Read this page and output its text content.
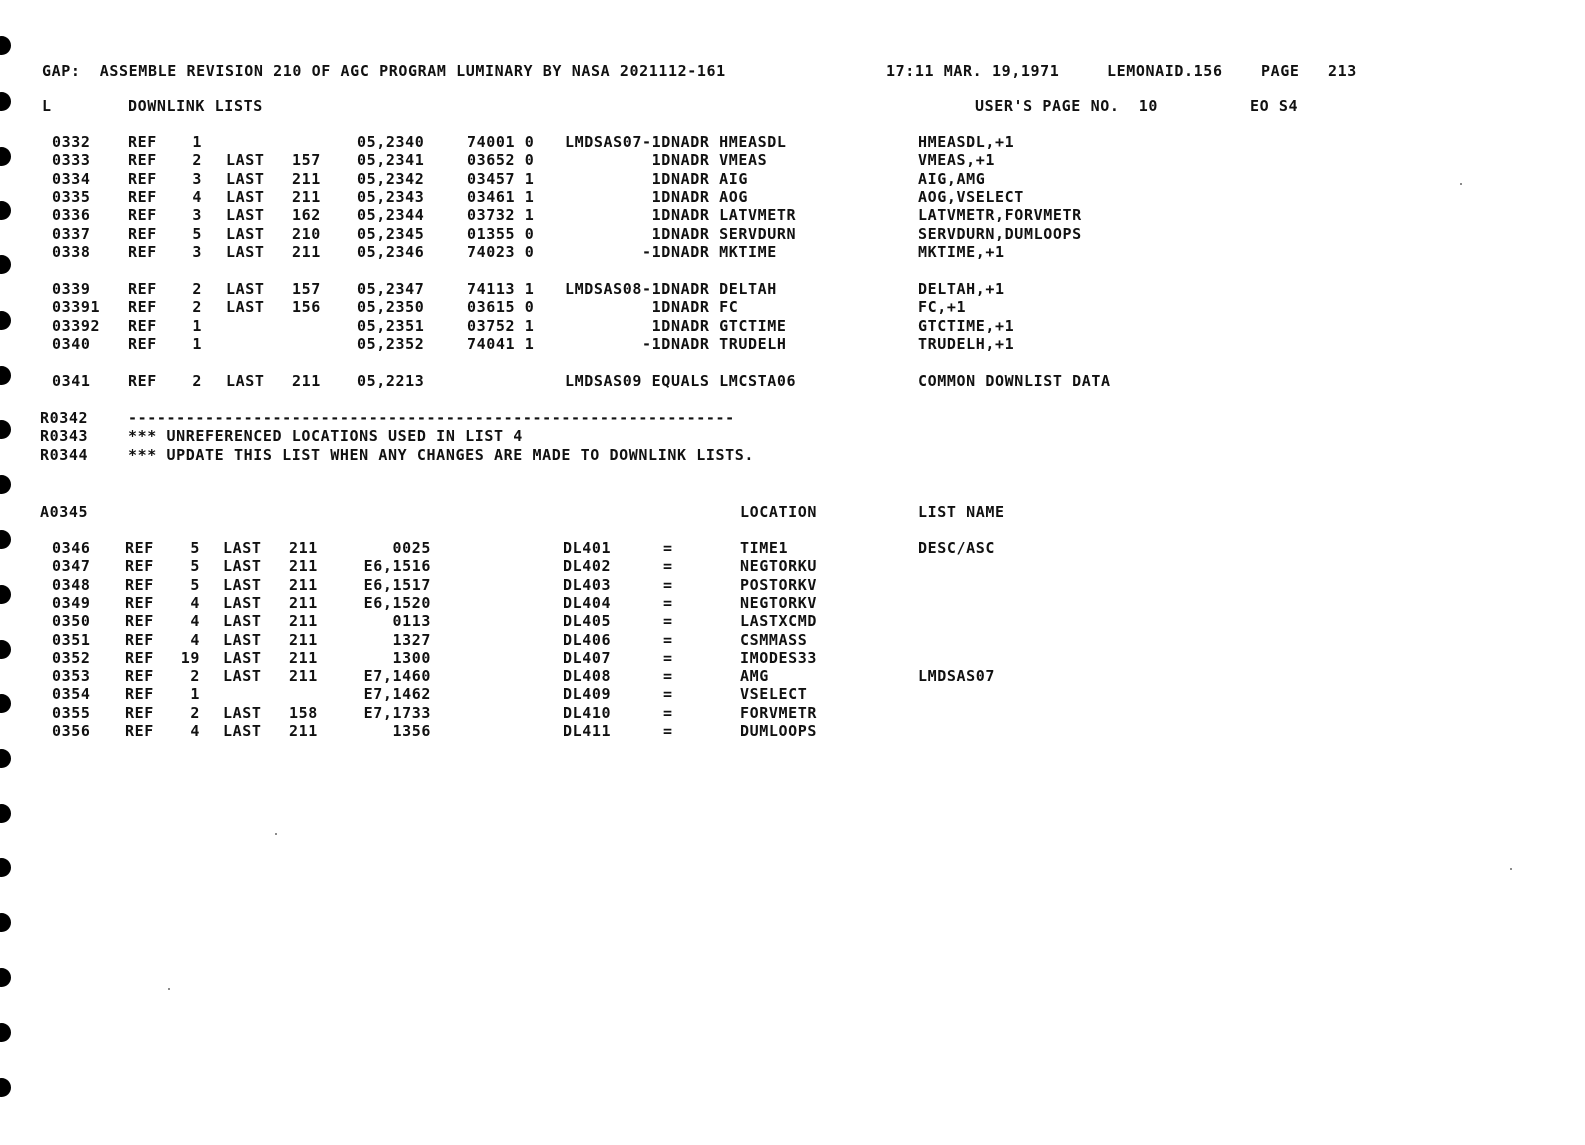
GAP:  ASSEMBLE REVISION 210 OF AGC PROGRAM LUMINARY BY NASA 2021112-161	17:11 MAR. 19,1971	LEMONAID.156	PAGE 213
L	DOWNLINK LISTS	USER'S PAGE NO.  10	EO S4
0332 REF	1	05,2340	74001 0 LMDSAS07-1DNADR HMEASDL	HMEASDL,+1
0333 REF	2 LAST 157 05,2341	03652 0 1DNADR VMEAS	VMEAS,+1
0334 REF	3 LAST 211 05,2342	03457 1 1DNADR AIG	AIG,AMG
0335 REF	4 LAST 211 05,2343	03461 1 1DNADR AOG	AOG,VSELECT
0336 REF	3 LAST 162 05,2344	03732 1 1DNADR LATVMETR	LATVMETR,FORVMETR
0337 REF	5 LAST 210 05,2345	01355 0 1DNADR SERVDURN	SERVDURN,DUMLOOPS
0338 REF	3 LAST 211 05,2346	74023 0 -1DNADR MKTIME	MKTIME,+1
0339 REF	2 LAST 157 05,2347	74113 1 LMDSAS08-1DNADR DELTAH	DELTAH,+1
03391 REF	2 LAST 156 05,2350	03615 0 1DNADR FC	FC,+1
03392 REF	1	05,2351	03752 1 1DNADR GTCTIME	GTCTIME,+1
0340 REF	1	05,2352	74041 1 -1DNADR TRUDELH	TRUDELH,+1
0341 REF	2 LAST 211 05,2213	LMDSAS09 EQUALS LMCSTA06	COMMON DOWNLIST DATA
R0342	---------------------------------------------------------------
R0343	*** UNREFERENCED LOCATIONS USED IN LIST 4
R0344	*** UPDATE THIS LIST WHEN ANY CHANGES ARE MADE TO DOWNLINK LISTS.
A0345	LOCATION	LIST NAME
0346 REF	5 LAST 211	0025	DL401	=	TIME1	DESC/ASC
0347 REF	5 LAST 211	E6,1516	DL402	=	NEGTORKU
0348 REF	5 LAST 211	E6,1517	DL403	=	POSTORKV
0349 REF	4 LAST 211	E6,1520	DL404	=	NEGTORKV
0350 REF	4 LAST 211	0113	DL405	=	LASTXCMD
0351 REF	4 LAST 211	1327	DL406	=	CSMMASS
0352 REF	19 LAST 211	1300	DL407	=	IMODES33
0353 REF	2 LAST 211	E7,1460	DL408	=	AMG	LMDSAS07
0354 REF	1	E7,1462	DL409	=	VSELECT
0355 REF	2 LAST 158	E7,1733	DL410	=	FORVMETR
0356 REF	4 LAST 211	1356	DL411	=	DUMLOOPS
